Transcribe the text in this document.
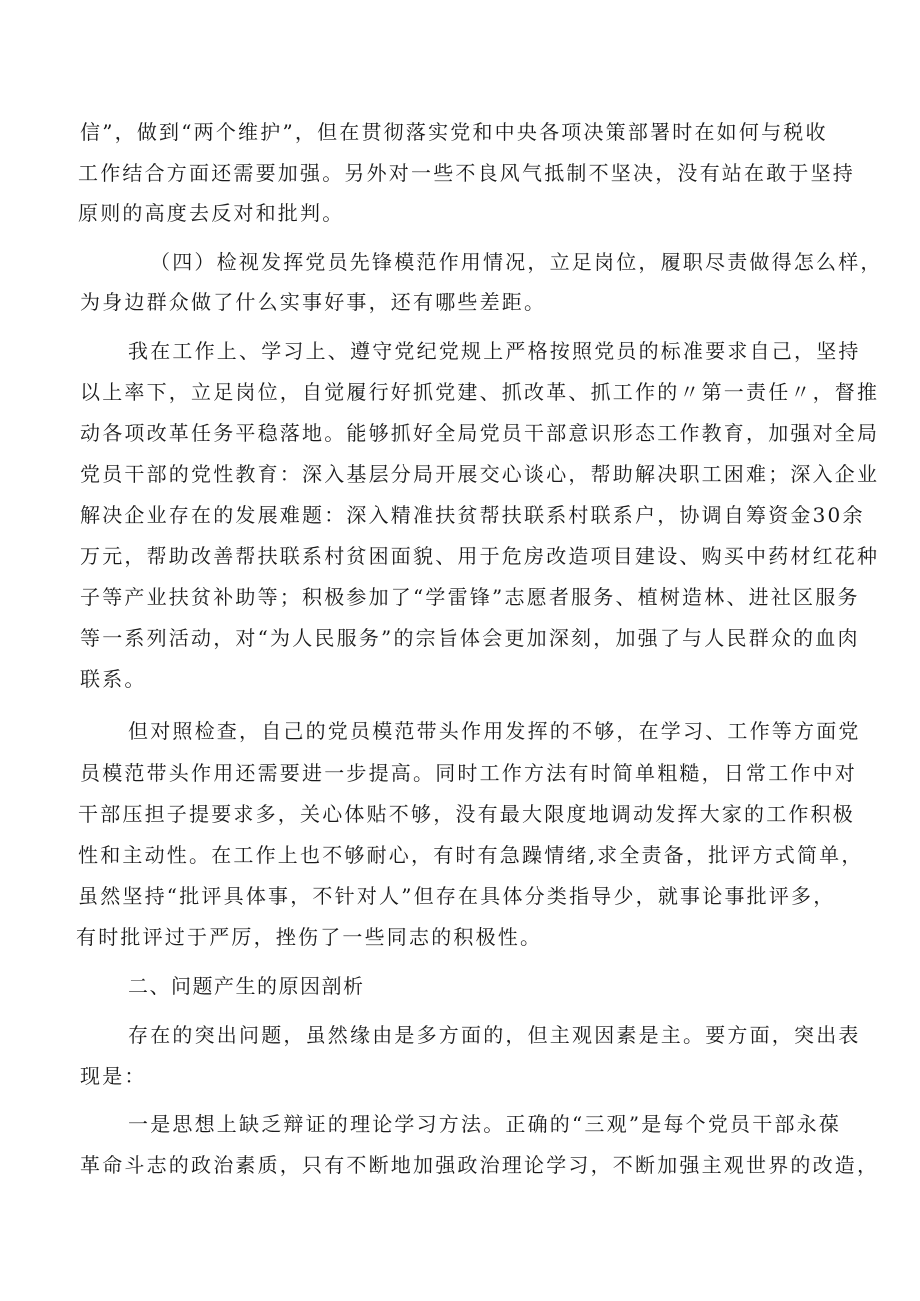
信”，做到“两个维护”，但在贯彻落实党和中央各项决策部署时在如何与税收
工作结合方面还需要加强。另外对一些不良风气抵制不坚决，没有站在敢于坚持
原则的高度去反对和批判。
（四）检视发挥党员先锋模范作用情况，立足岗位，履职尽责做得怎么样，
为身边群众做了什么实事好事，还有哪些差距。
我在工作上、学习上、遵守党纪党规上严格按照党员的标准要求自己，坚持
以上率下，立足岗位，自觉履行好抓党建、抓改革、抓工作的〃第一责任〃，督推
动各项改革任务平稳落地。能够抓好全局党员干部意识形态工作教育，加强对全局
党员干部的党性教育：深入基层分局开展交心谈心，帮助解决职工困难；深入企业
解决企业存在的发展难题：深入精准扶贫帮扶联系村联系户，协调自筹资金30余
万元，帮助改善帮扶联系村贫困面貌、用于危房改造项目建设、购买中药材红花种
子等产业扶贫补助等；积极参加了“学雷锋”志愿者服务、植树造林、进社区服务
等一系列活动，对“为人民服务”的宗旨体会更加深刻，加强了与人民群众的血肉
联系。
但对照检查，自己的党员模范带头作用发挥的不够，在学习、工作等方面党
员模范带头作用还需要进一步提高。同时工作方法有时简单粗糙，日常工作中对
干部压担子提要求多，关心体贴不够，没有最大限度地调动发挥大家的工作积极
性和主动性。在工作上也不够耐心，有时有急躁情绪,求全责备，批评方式简单，
虽然坚持“批评具体事，不针对人”但存在具体分类指导少，就事论事批评多，
有时批评过于严厉，挫伤了一些同志的积极性。
二、问题产生的原因剖析
存在的突出问题，虽然缘由是多方面的，但主观因素是主。要方面，突出表
现是：
一是思想上缺乏辩证的理论学习方法。正确的“三观”是每个党员干部永葆
革命斗志的政治素质，只有不断地加强政治理论学习，不断加强主观世界的改造，
